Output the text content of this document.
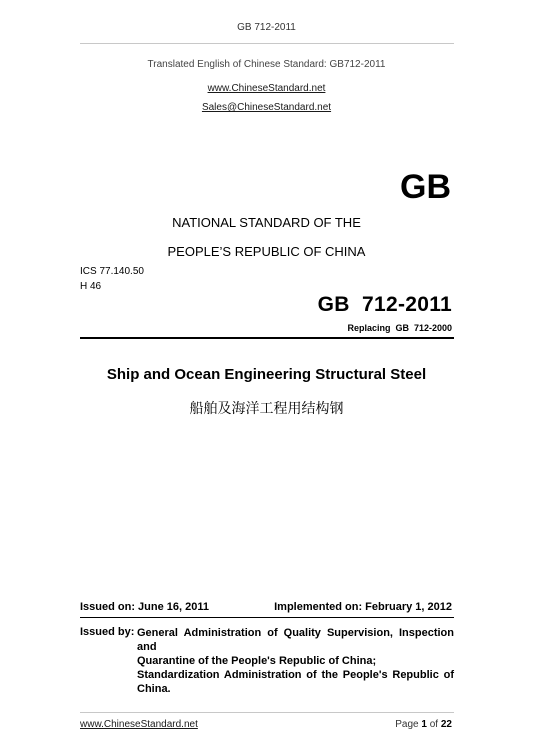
GB 712-2011
Translated English of Chinese Standard: GB712-2011
www.ChineseStandard.net
Sales@ChineseStandard.net
GB
NATIONAL STANDARD OF THE
PEOPLE’S REPUBLIC OF CHINA
ICS 77.140.50
H 46
GB  712-2011
Replacing  GB  712-2000
Ship and Ocean Engineering Structural Steel
船舶及海洋工程用结构钢
Issued on: June 16, 2011	Implemented on: February 1, 2012
Issued by: General Administration of Quality Supervision, Inspection and
Quarantine of the People's Republic of China;
Standardization Administration of the People's Republic of
China.
www.ChineseStandard.net	Page 1 of 22
